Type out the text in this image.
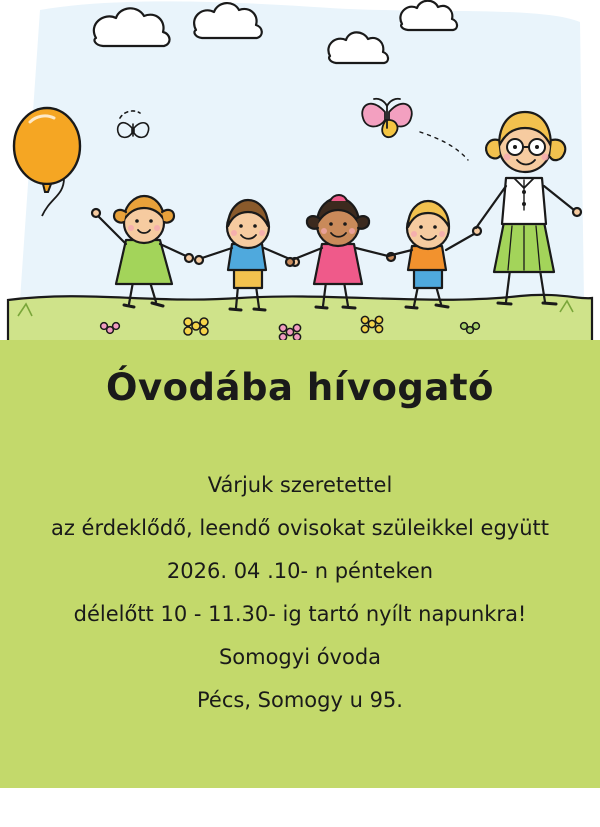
Óvodába hívogató
Várjuk szeretettel
az érdeklődő, leendő ovisokat szüleikkel együtt
2026. 04 .10- n pénteken
délelőtt 10 - 11.30- ig tartó nyílt napunkra!
Somogyi óvoda
Pécs, Somogy u 95.
